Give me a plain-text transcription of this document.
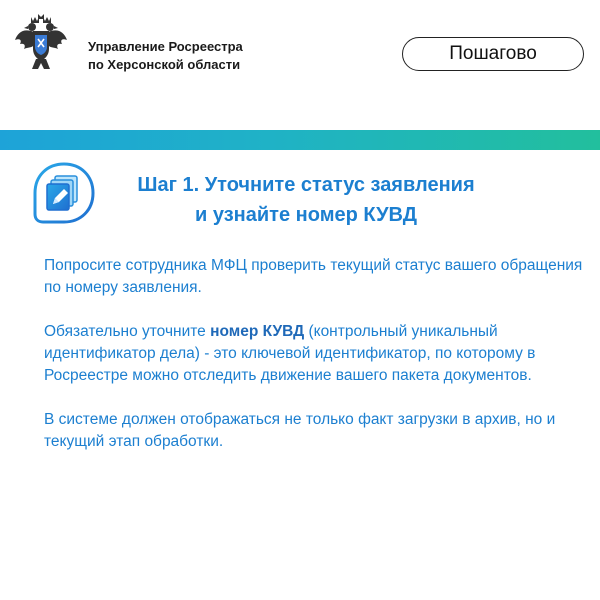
Управление Росреестра
по Херсонской области
Пошагово
Шаг 1. Уточните статус заявления
и узнайте номер КУВД

Попросите сотрудника МФЦ проверить текущий статус вашего обращения по номеру заявления.

Обязательно уточните номер КУВД (контрольный уникальный идентификатор дела) - это ключевой идентификатор, по которому в Росреестре можно отследить движение вашего пакета документов.

В системе должен отображаться не только факт загрузки в архив, но и текущий этап обработки.
